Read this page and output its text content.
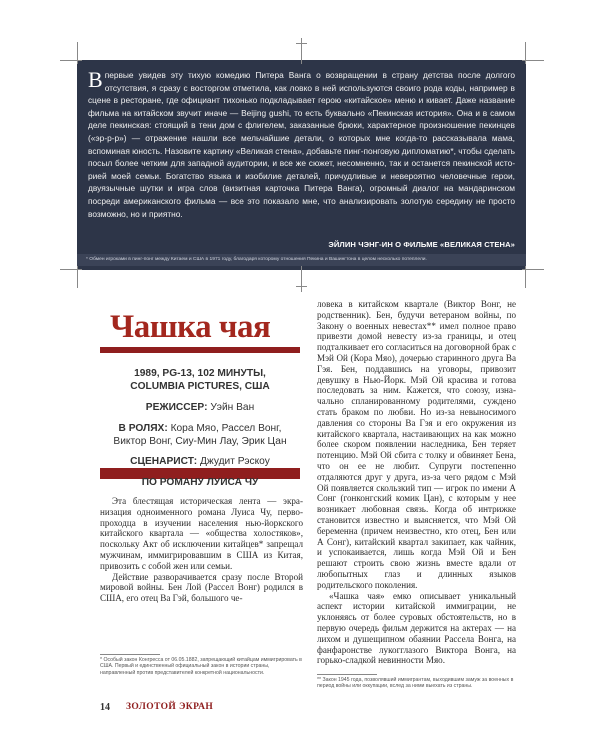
Впервые увидев эту тихую комедию Питера Ванга о возвращении в страну детства после долгого отсутствия, я сразу с восторгом отметила, как ловко в ней используются своиго рода коды, например в сцене в ресторане, где официант тихонько подкладывает герою «китайское» меню и кивает. Даже название фильма на китайском звучит иначе — Beijing gushi, то есть буквально «Пекинская история». Она и в самом деле пекинская: стоящий в тени дом с флигелем, заказанные брюки, характерное произношение пекинцев («эр-р-р») — отражение нашли все мельчайшие детали, о которых мне когда-то рассказывала мама, вспоминая юность. Назовите картину «Великая стена», добавьте пинг-понговую дипломатию*, чтобы сделать посыл более четким для западной аудитории, и все же сюжет, несомненно, так и останется пекинской историей моей семьи. Богатство языка и изобилие деталей, причудливые и невероятно человечные герои, двуязычные шутки и игра слов (визитная карточка Питера Ванга), огромный диалог на мандаринском посреди американского фильма — все это показало мне, что анализировать золотую середину не просто возможно, но и приятно.
ЭЙЛИН ЧЭНГ-ИН О ФИЛЬМЕ «ВЕЛИКАЯ СТЕНА»
* Обмен игроками в пинг-понг между Китаем и США в 1971 году, благодаря которому отношения Пекина и Вашингтона в целом несколько потеплели.
Чашка чая
1989, PG-13, 102 МИНУТЫ,
COLUMBIA PICTURES, США
РЕЖИССЕР: Уэйн Ван
В РОЛЯХ: Кора Мяо, Рассел Вонг,
Виктор Вонг, Сиу-Мин Лау, Эрик Цан
СЦЕНАРИСТ: Джудит Рэскоу
ПО РОМАНУ ЛУИСА ЧУ

Эта блестящая историческая лента — экранизация одноименного романа Луиса Чу, первопроходца в изучении населения нью-йоркского китайского квартала — «общества холостяков», поскольку Акт об исключении китайцев* запрещал мужчинам, иммигрировавшим в США из Китая, привозить с собой жен или семьи.

Действие разворачивается сразу после Второй мировой войны. Бен Лой (Рассел Вонг) родился в США, его отец Ва Гэй, большого че-

* Особый закон Конгресса от 06.05.1882, запрещающий китайцам иммигрировать в США. Первый и единственный официальный закон в истории страны, направленный против представителей конкретной национальности.

ловека в китайском квартале (Виктор Вонг, не родственник). Бен, будучи ветераном войны, по Закону о военных невестах** имел полное право привезти домой невесту из-за границы, и отец подталкивает его согласиться на договорной брак с Мэй Ой (Кора Мяо), дочерью старинного друга Ва Гэя. Бен, поддавшись на уговоры, привозит девушку в Нью-Йорк. Мэй Ой красива и готова последовать за ним. Кажется, что союзу, изначально спланированному родителями, суждено стать браком по любви. Но из-за невыносимого давления со стороны Ва Гэя и его окружения из китайского квартала, настаивающих на как можно более скором появлении наследника, Бен теряет потенцию. Мэй Ой сбита с толку и обвиняет Бена, что он ее не любит. Супруги постепенно отдаляются друг у друга, из-за чего рядом с Мэй Ой появляется скользкий тип — игрок по имени А Сонг (гонконгский комик Цан), с которым у нее возникает любовная связь. Когда об интрижке становится известно и выясняется, что Мэй Ой беременна (причем неизвестно, кто отец, Бен или А Сонг), китайский квартал закипает, как чайник, и успокаивается, лишь когда Мэй Ой и Бен решают строить свою жизнь вместе вдали от любопытных глаз и длинных языков родительского поколения.

«Чашка чая» емко описывает уникальный аспект истории китайской иммиграции, не уклоняясь от более суровых обстоятельств, но в первую очередь фильм держится на актерах — на лихом и душещипном обаянии Рассела Вонга, на фанфаронстве лукогглазого Виктора Вонга, на горько-сладкой невинности Мяо.

** Закон 1945 года, позволявший иммигрантам, выходившим замуж за военных в период войны или оккупации, вслед за ними выехать из страны.
14 ЗОЛОТОЙ ЭКРАН
